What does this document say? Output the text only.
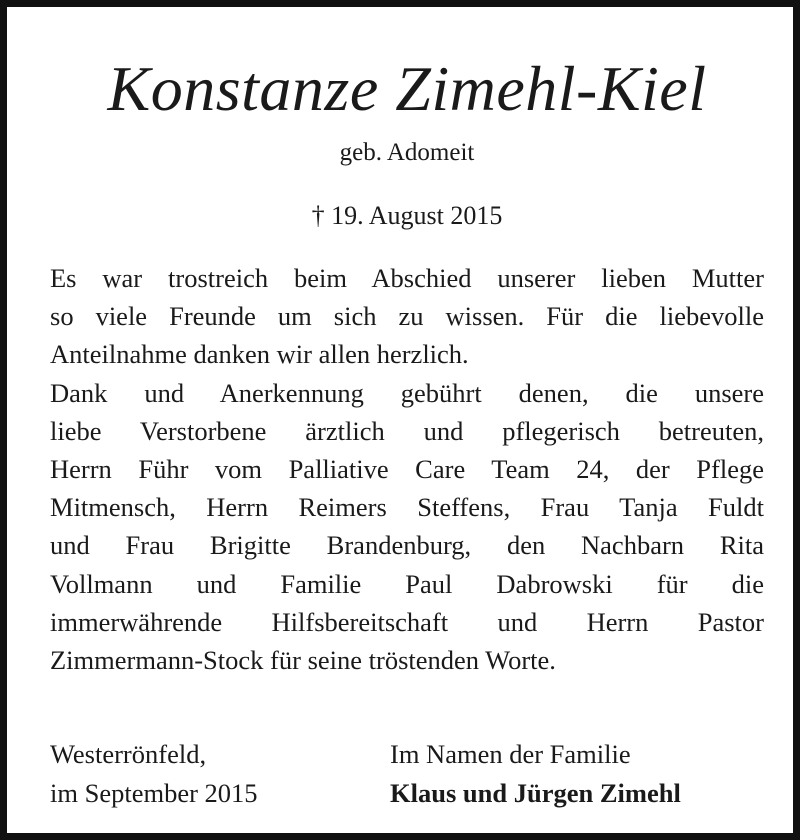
Konstanze Zimehl-Kiel
geb. Adomeit
† 19. August 2015
Es war trostreich beim Abschied unserer lieben Mutter
so viele Freunde um sich zu wissen. Für die liebevolle
Anteilnahme danken wir allen herzlich.
Dank und Anerkennung gebührt denen, die unsere
liebe Verstorbene ärztlich und pflegerisch betreuten,
Herrn Führ vom Palliative Care Team 24, der Pflege
Mitmensch, Herrn Reimers Steffens, Frau Tanja Fuldt
und Frau Brigitte Brandenburg, den Nachbarn Rita
Vollmann und Familie Paul Dabrowski für die
immerwährende Hilfsbereitschaft und Herrn Pastor
Zimmermann-Stock für seine tröstenden Worte.
Westerrönfeld,
im September 2015
Im Namen der Familie
Klaus und Jürgen Zimehl
